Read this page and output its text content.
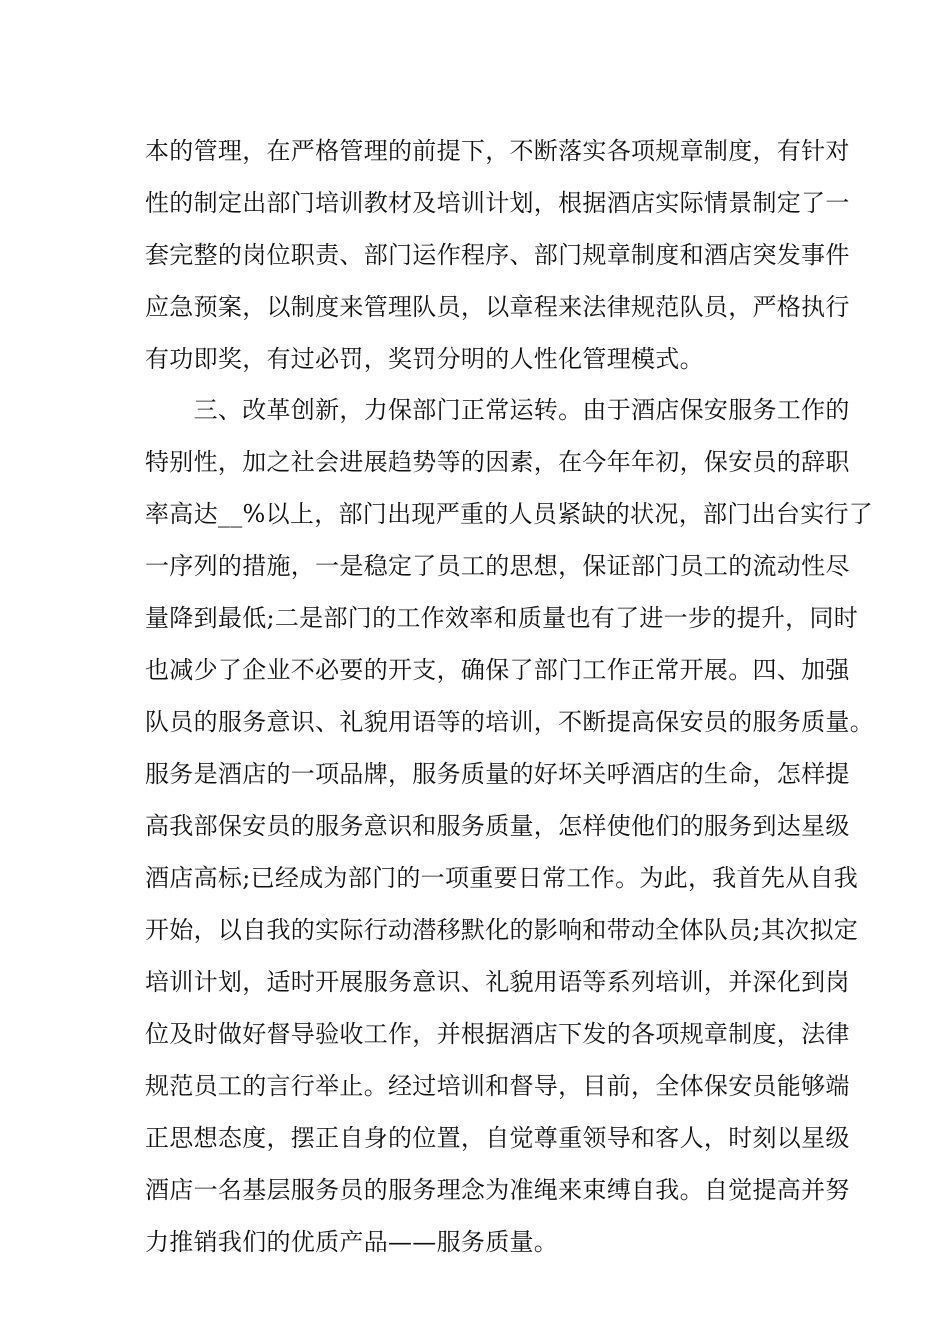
本的管理，在严格管理的前提下，不断落实各项规章制度，有针对
性的制定出部门培训教材及培训计划，根据酒店实际情景制定了一
套完整的岗位职责、部门运作程序、部门规章制度和酒店突发事件
应急预案，以制度来管理队员，以章程来法律规范队员，严格执行
有功即奖，有过必罚，奖罚分明的人性化管理模式。
　　三、改革创新，力保部门正常运转。由于酒店保安服务工作的
特别性，加之社会进展趋势等的因素，在今年年初，保安员的辞职
率高达__%以上，部门出现严重的人员紧缺的状况，部门出台实行了
一序列的措施，一是稳定了员工的思想，保证部门员工的流动性尽
量降到最低;二是部门的工作效率和质量也有了进一步的提升，同时
也减少了企业不必要的开支，确保了部门工作正常开展。四、加强
队员的服务意识、礼貌用语等的培训，不断提高保安员的服务质量。
服务是酒店的一项品牌，服务质量的好坏关呼酒店的生命，怎样提
高我部保安员的服务意识和服务质量，怎样使他们的服务到达星级
酒店高标;已经成为部门的一项重要日常工作。为此，我首先从自我
开始，以自我的实际行动潜移默化的影响和带动全体队员;其次拟定
培训计划，适时开展服务意识、礼貌用语等系列培训，并深化到岗
位及时做好督导验收工作，并根据酒店下发的各项规章制度，法律
规范员工的言行举止。经过培训和督导，目前，全体保安员能够端
正思想态度，摆正自身的位置，自觉尊重领导和客人，时刻以星级
酒店一名基层服务员的服务理念为准绳来束缚自我。自觉提高并努
力推销我们的优质产品——服务质量。
